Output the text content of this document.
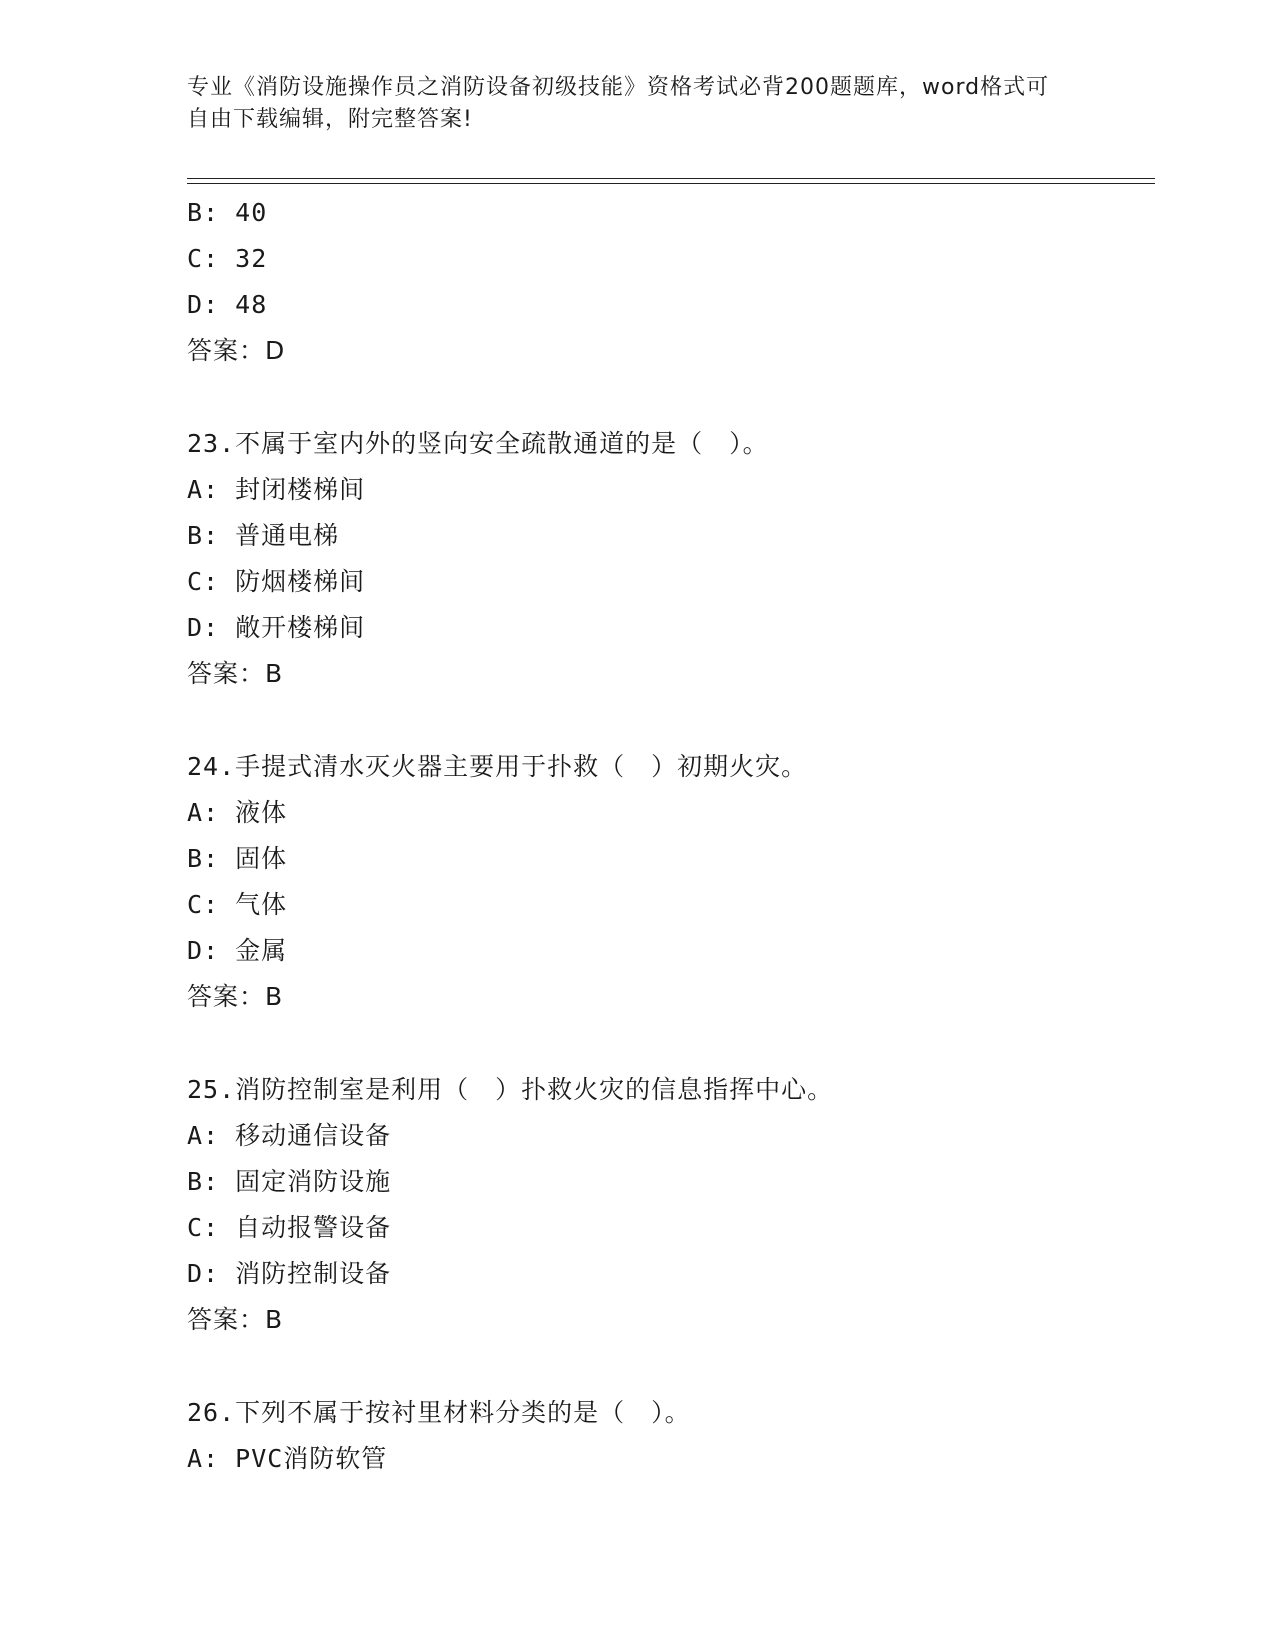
专业《消防设施操作员之消防设备初级技能》资格考试必背200题题库，word格式可自由下载编辑，附完整答案!
B: 40
C: 32
D: 48
答案：D
23.不属于室内外的竖向安全疏散通道的是（　）。
A: 封闭楼梯间
B: 普通电梯
C: 防烟楼梯间
D: 敞开楼梯间
答案：B
24.手提式清水灭火器主要用于扑救（　）初期火灾。
A: 液体
B: 固体
C: 气体
D: 金属
答案：B
25.消防控制室是利用（　）扑救火灾的信息指挥中心。
A: 移动通信设备
B: 固定消防设施
C: 自动报警设备
D: 消防控制设备
答案：B
26.下列不属于按衬里材料分类的是（　）。
A: PVC消防软管
